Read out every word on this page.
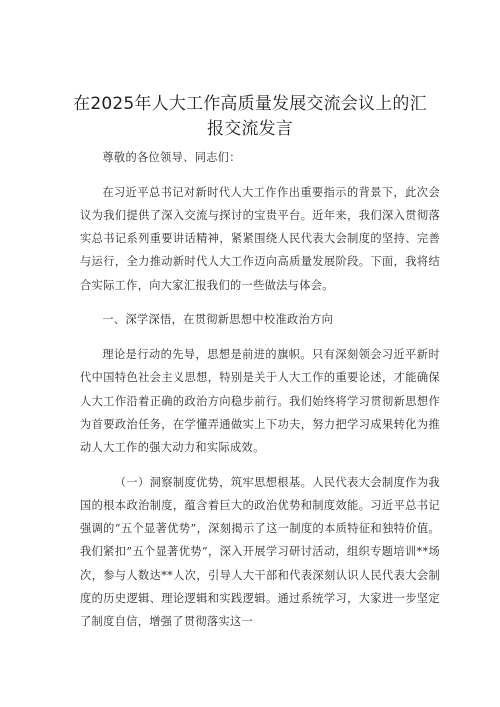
在2025年人大工作高质量发展交流会议上的汇报交流发言

尊敬的各位领导、同志们：

在习近平总书记对新时代人大工作作出重要指示的背景下，此次会议为我们提供了深入交流与探讨的宝贵平台。近年来，我们深入贯彻落实总书记系列重要讲话精神，紧紧围绕人民代表大会制度的坚持、完善与运行，全力推动新时代人大工作迈向高质量发展阶段。下面，我将结合实际工作，向大家汇报我们的一些做法与体会。

一、深学深悟，在贯彻新思想中校准政治方向

理论是行动的先导，思想是前进的旗帜。只有深刻领会习近平新时代中国特色社会主义思想，特别是关于人大工作的重要论述，才能确保人大工作沿着正确的政治方向稳步前行。我们始终将学习贯彻新思想作为首要政治任务，在学懂弄通做实上下功夫，努力把学习成果转化为推动人大工作的强大动力和实际成效。

（一）洞察制度优势，筑牢思想根基。人民代表大会制度作为我国的根本政治制度，蕴含着巨大的政治优势和制度效能。习近平总书记强调的“五个显著优势”，深刻揭示了这一制度的本质特征和独特价值。我们紧扣”五个显著优势”，深入开展学习研讨活动，组织专题培训**场次，参与人数达**人次，引导人大干部和代表深刻认识人民代表大会制度的历史逻辑、理论逻辑和实践逻辑。通过系统学习，大家进一步坚定了制度自信，增强了贯彻落实这一
